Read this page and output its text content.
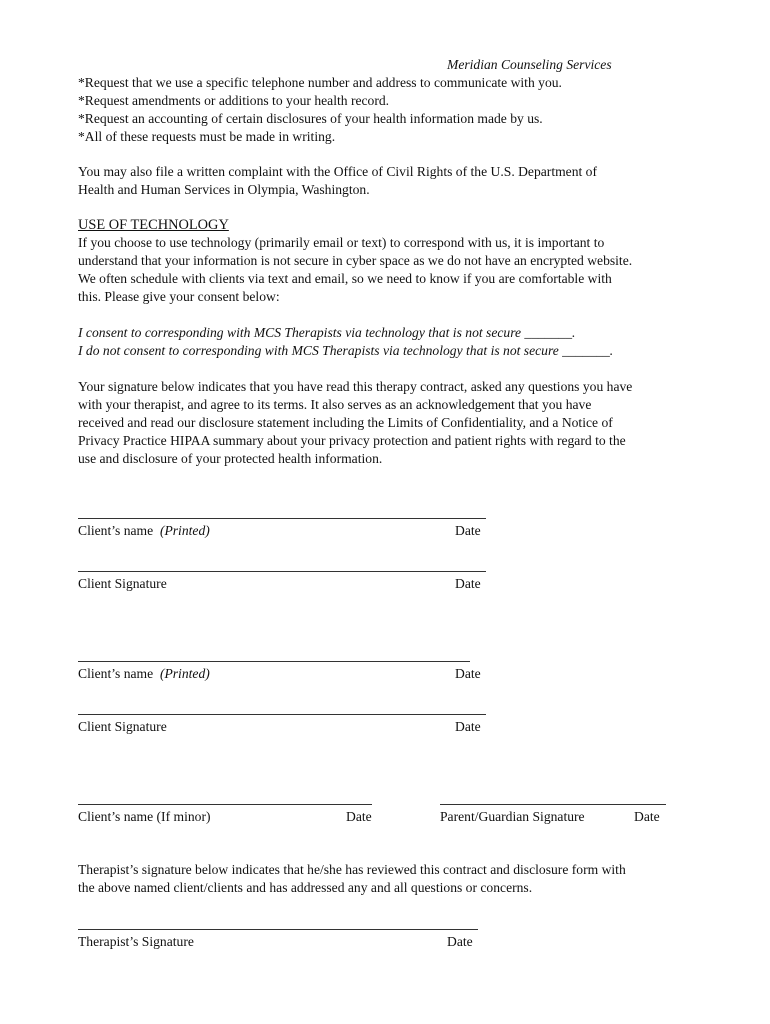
Meridian Counseling Services
*Request that we use a specific telephone number and address to communicate with you.
*Request amendments or additions to your health record.
*Request an accounting of certain disclosures of your health information made by us.
*All of these requests must be made in writing.
You may also file a written complaint with the Office of Civil Rights of the U.S. Department of
Health and Human Services in Olympia, Washington.
USE OF TECHNOLOGY
If you choose to use technology (primarily email or text) to correspond with us, it is important to
understand that your information is not secure in cyber space as we do not have an encrypted website.
We often schedule with clients via text and email, so we need to know if you are comfortable with
this. Please give your consent below:
I consent to corresponding with MCS Therapists via technology that is not secure _______.
I do not consent to corresponding with MCS Therapists via technology that is not secure _______.
Your signature below indicates that you have read this therapy contract, asked any questions you have
with your therapist, and agree to its terms. It also serves as an acknowledgement that you have
received and read our disclosure statement including the Limits of Confidentiality, and a Notice of
Privacy Practice HIPAA summary about your privacy protection and patient rights with regard to the
use and disclosure of your protected health information.
Client’s name (Printed)	Date
Client Signature	Date
Client’s name (Printed)	Date
Client Signature	Date
Client’s name (If minor)	Date	Parent/Guardian Signature	Date
Therapist’s signature below indicates that he/she has reviewed this contract and disclosure form with
the above named client/clients and has addressed any and all questions or concerns.
Therapist’s Signature	Date
